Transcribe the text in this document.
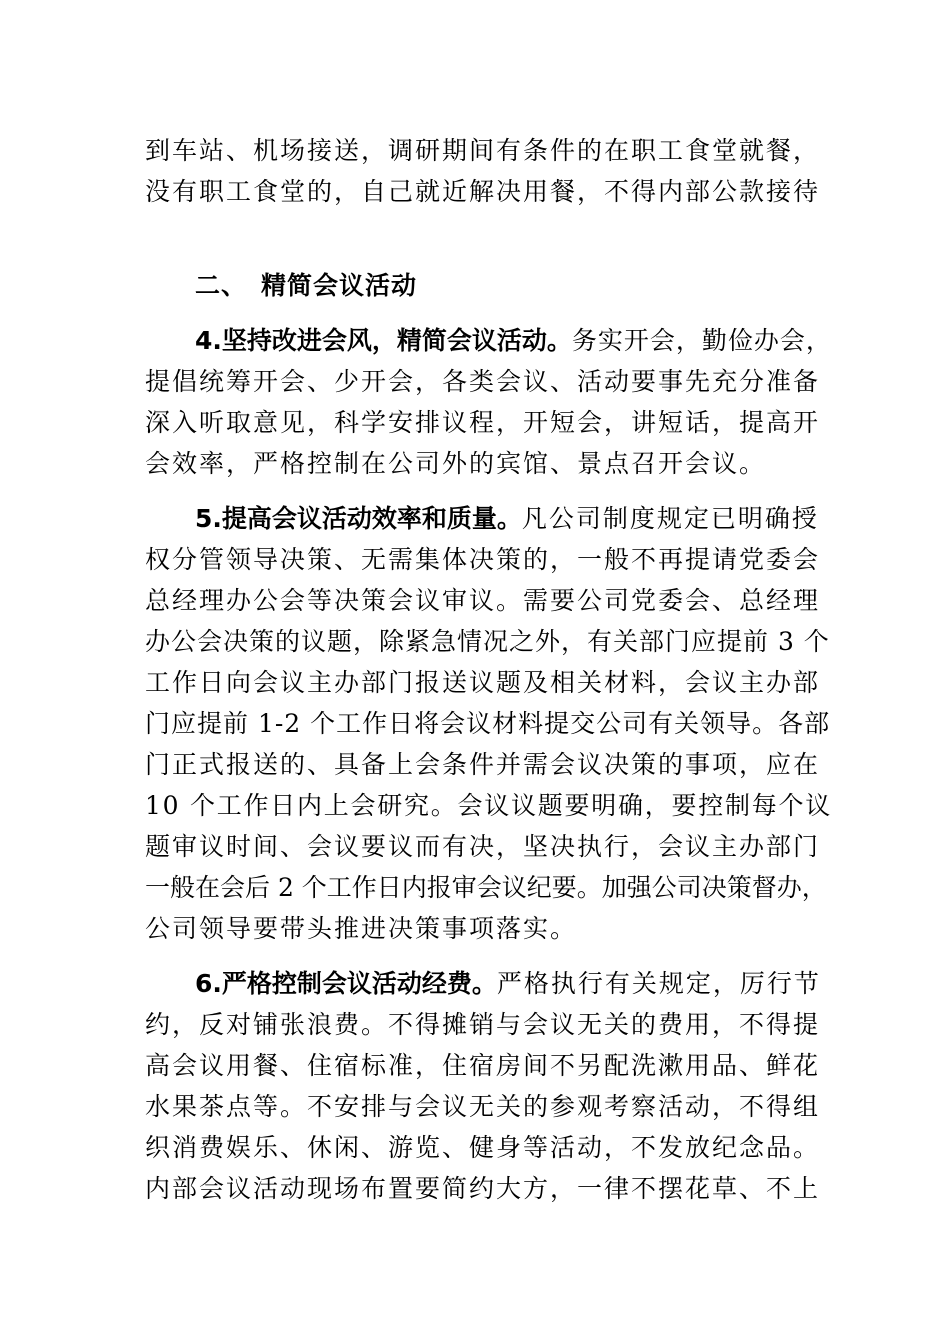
到车站、机场接送，调研期间有条件的在职工食堂就餐，
没有职工食堂的，自己就近解决用餐，不得内部公款接待
二、 精简会议活动
4.坚持改进会风，精简会议活动。务实开会，勤俭办会，
提倡统筹开会、少开会，各类会议、活动要事先充分准备
深入听取意见，科学安排议程，开短会，讲短话，提高开
会效率，严格控制在公司外的宾馆、景点召开会议。
5.提高会议活动效率和质量。凡公司制度规定已明确授
权分管领导决策、无需集体决策的，一般不再提请党委会
总经理办公会等决策会议审议。需要公司党委会、总经理
办公会决策的议题，除紧急情况之外，有关部门应提前 3 个
工作日向会议主办部门报送议题及相关材料，会议主办部
门应提前 1-2 个工作日将会议材料提交公司有关领导。各部
门正式报送的、具备上会条件并需会议决策的事项，应在
10 个工作日内上会研究。会议议题要明确，要控制每个议
题审议时间、会议要议而有决，坚决执行，会议主办部门
一般在会后 2 个工作日内报审会议纪要。加强公司决策督办，
公司领导要带头推进决策事项落实。
6.严格控制会议活动经费。严格执行有关规定，厉行节
约，反对铺张浪费。不得摊销与会议无关的费用，不得提
高会议用餐、住宿标准，住宿房间不另配洗漱用品、鲜花
水果茶点等。不安排与会议无关的参观考察活动，不得组
织消费娱乐、休闲、游览、健身等活动，不发放纪念品。
内部会议活动现场布置要简约大方，一律不摆花草、不上
